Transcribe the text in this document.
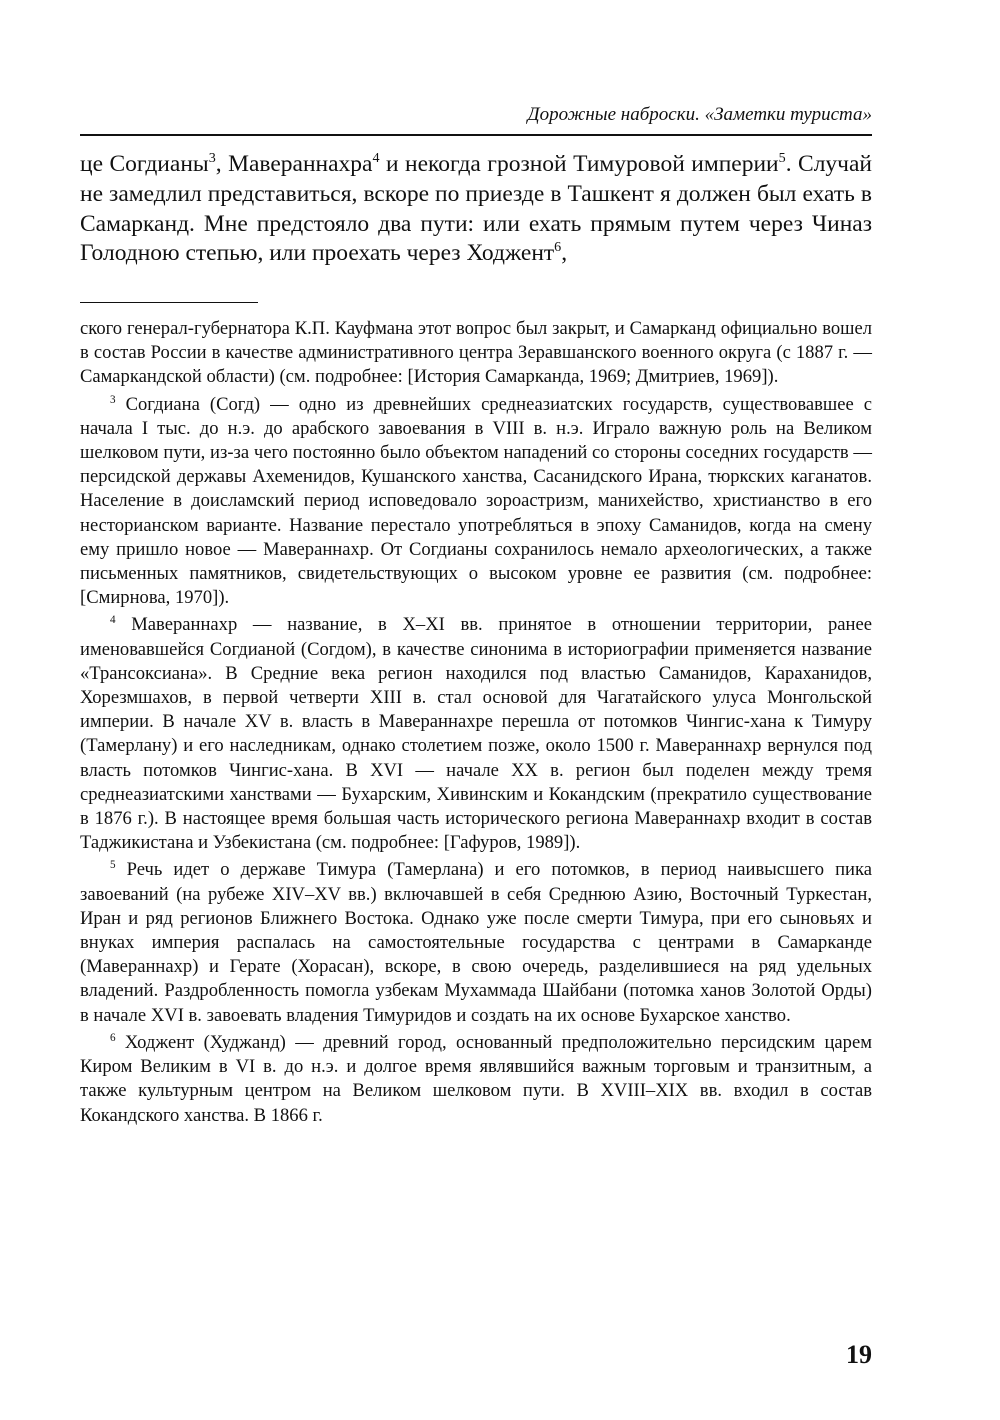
Дорожные наброски. «Заметки туриста»

це Согдианы$^3$, Мавераннахра$^4$ и некогда грозной Тимуровой империи$^5$. Случай не замедлил представиться, вскоре по приезде в Ташкент я должен был ехать в Самарканд. Мне предстояло два пути: или ехать прямым путем через Чиназ Голодною степью, или проехать через Ходжент$^6$,

ского генерал-губернатора К.П. Кауфмана этот вопрос был закрыт, и Самарканд официально вошел в состав России в качестве административного центра Зеравшанского военного округа (с 1887 г. — Самаркандской области) (см. подробнее: [История Самарканда, 1969; Дмитриев, 1969]).

$^3$ Согдиана (Согд) — одно из древнейших среднеазиатских государств, существовавшее с начала I тыс. до н.э. до арабского завоевания в VIII в. н.э. Играло важную роль на Великом шелковом пути, из-за чего постоянно было объектом нападений со стороны соседних государств — персидской державы Ахеменидов, Кушанского ханства, Сасанидского Ирана, тюркских каганатов. Население в доисламский период исповедовало зороастризм, манихейство, христианство в его несторианском варианте. Название перестало употребляться в эпоху Саманидов, когда на смену ему пришло новое — Мавераннахр. От Согдианы сохранилось немало археологических, а также письменных памятников, свидетельствующих о высоком уровне ее развития (см. подробнее: [Смирнова, 1970]).

$^4$ Мавераннахр — название, в X–XI вв. принятое в отношении территории, ранее именовавшейся Согдианой (Согдом), в качестве синонима в историографии применяется название «Трансоксиана». В Средние века регион находился под властью Саманидов, Караханидов, Хорезмшахов, в первой четверти XIII в. стал основой для Чагатайского улуса Монгольской империи. В начале XV в. власть в Мавераннахре перешла от потомков Чингис-хана к Тимуру (Тамерлану) и его наследникам, однако столетием позже, около 1500 г. Мавераннахр вернулся под власть потомков Чингис-хана. В XVI — начале XX в. регион был поделен между тремя среднеазиатскими ханствами — Бухарским, Хивинским и Кокандским (прекратило существование в 1876 г.). В настоящее время большая часть исторического региона Мавераннахр входит в состав Таджикистана и Узбекистана (см. подробнее: [Гафуров, 1989]).

$^5$ Речь идет о державе Тимура (Тамерлана) и его потомков, в период наивысшего пика завоеваний (на рубеже XIV–XV вв.) включавшей в себя Среднюю Азию, Восточный Туркестан, Иран и ряд регионов Ближнего Востока. Однако уже после смерти Тимура, при его сыновьях и внуках империя распалась на самостоятельные государства с центрами в Самарканде (Мавераннахр) и Герате (Хорасан), вскоре, в свою очередь, разделившиеся на ряд удельных владений. Раздробленность помогла узбекам Мухаммада Шайбани (потомка ханов Золотой Орды) в начале XVI в. завоевать владения Тимуридов и создать на их основе Бухарское ханство.

$^6$ Ходжент (Худжанд) — древний город, основанный предположительно персидским царем Киром Великим в VI в. до н.э. и долгое время являвшийся важным торговым и транзитным, а также культурным центром на Великом шелковом пути. В XVIII–XIX вв. входил в состав Кокандского ханства. В 1866 г.

19
